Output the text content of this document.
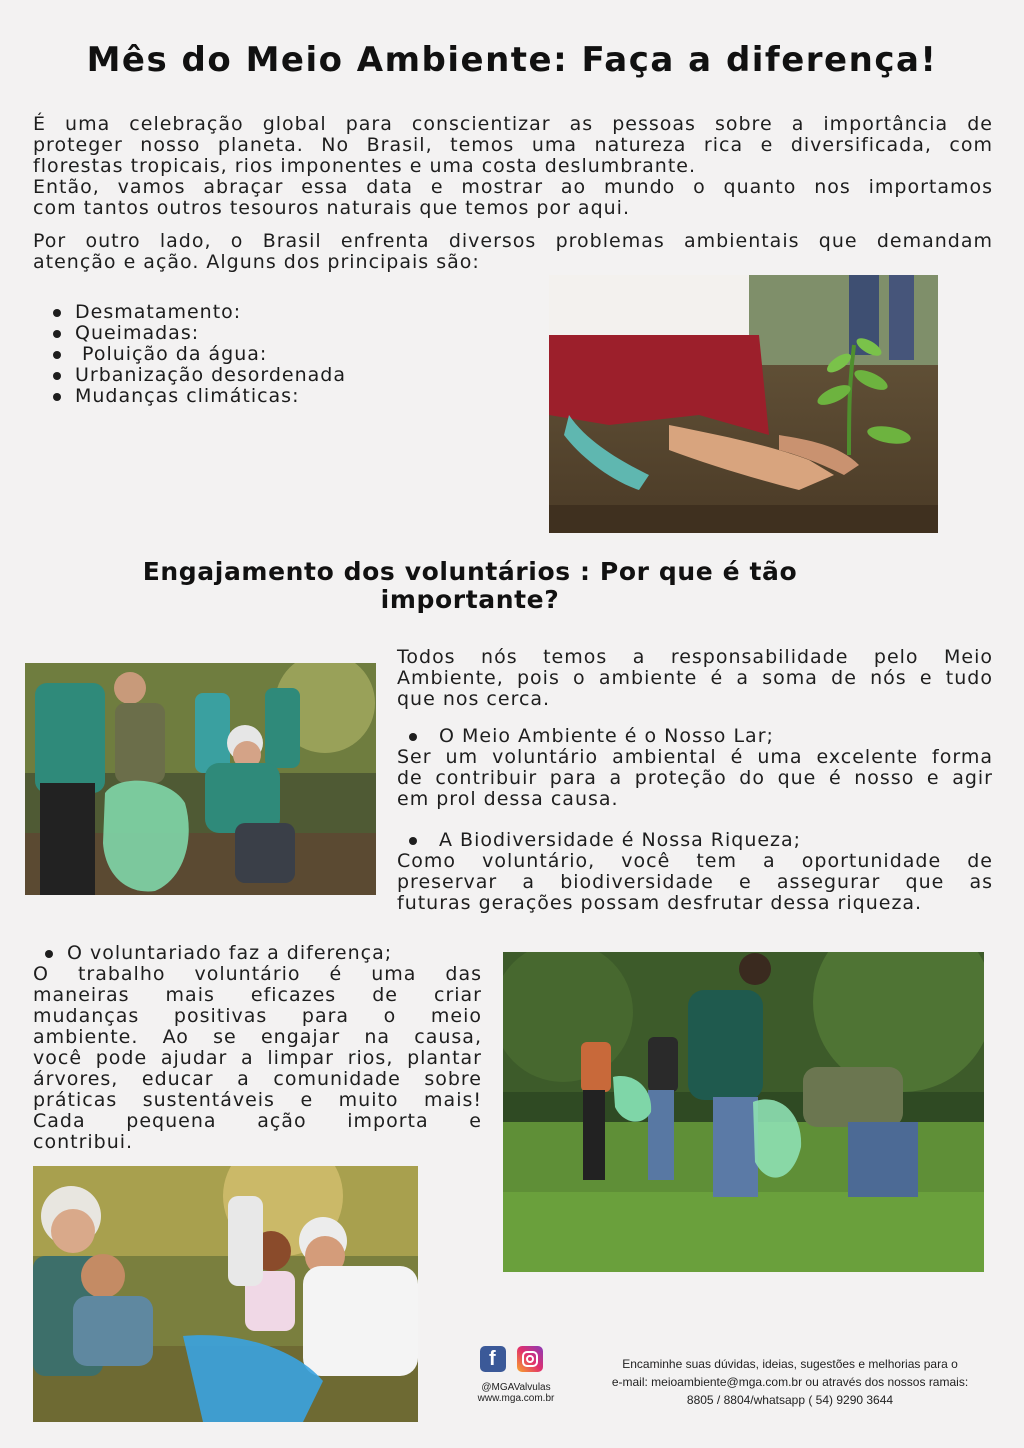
Mês do Meio Ambiente: Faça a diferença!

É uma celebração global para conscientizar as pessoas sobre a importância de

proteger nosso planeta. No Brasil, temos uma natureza rica e diversificada, com

florestas tropicais, rios imponentes e uma costa deslumbrante.

Então, vamos abraçar essa data e mostrar ao mundo o quanto nos importamos

com tantos outros tesouros naturais que temos por aqui.

Por outro lado, o Brasil enfrenta diversos problemas ambientais que demandam

atenção e ação. Alguns dos principais são:

Desmatamento:
Queimadas:
Poluição da água:
Urbanização desordenada
Mudanças climáticas:
Engajamento dos voluntários : Por que é tão
importante?

Todos nós temos a responsabilidade pelo Meio

Ambiente, pois o ambiente é a soma de nós e tudo

que nos cerca.

O Meio Ambiente é o Nosso Lar;

Ser um voluntário ambiental é uma excelente forma

de contribuir para a proteção do que é nosso e agir

em prol dessa causa.

A Biodiversidade é Nossa Riqueza;

Como voluntário, você tem a oportunidade de

preservar a biodiversidade e assegurar que as

futuras gerações possam desfrutar dessa riqueza.

O voluntariado faz a diferença;

O trabalho voluntário é uma das

maneiras mais eficazes de criar

mudanças positivas para o meio

ambiente. Ao se engajar na causa,

você pode ajudar a limpar rios, plantar

árvores, educar a comunidade sobre

práticas sustentáveis e muito mais!

Cada pequena ação importa e

contribui.

f
@MGAValvulas
www.mga.com.br
Encaminhe suas dúvidas, ideias, sugestões e melhorias para o
e-mail: meioambiente@mga.com.br ou através dos nossos ramais:
8805 / 8804/whatsapp ( 54) 9290 3644
